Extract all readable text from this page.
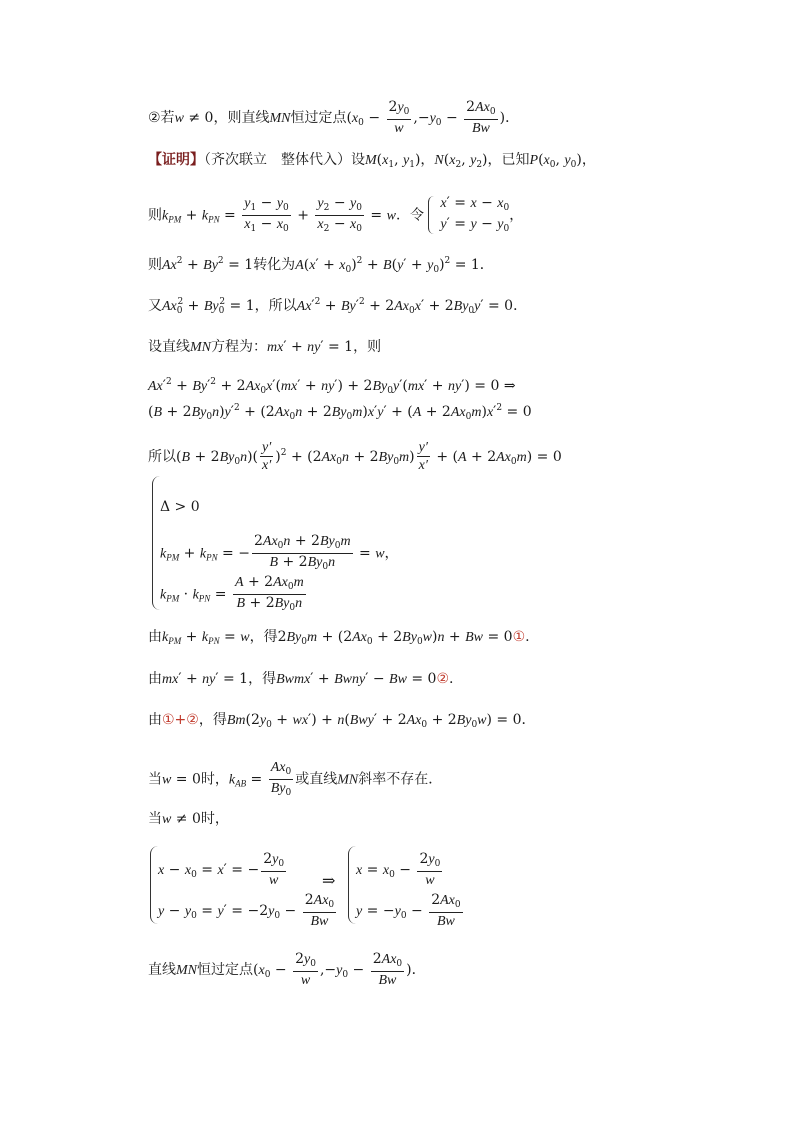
②若w ≠ 0，则直线MN恒过定点($x_0 - \frac{2y_0}{w} ,-y_0 - \frac{2Ax_0}{Bw}$ )．
【证明】（齐次联立　整体代入）设$M(x_1$, $y_1$)，$N(x_2$, $y_2$)，已知$P(x_0$, $y_0$)，
则$k_{PM} + k_{PN} = \frac{y_1 - y_0}{x_1 - x_0} + \frac{y_2 - y_0}{x_2 - x_0} = w$．令
$x' = x - x_0$
$y' = y - y_0$
，
则$Ax^2 + By^2 = 1$转化为$A(x' + x_0)^2 + B(y' + y_0)^2 = 1$．
又$Ax_0^2 + By_0^2 = 1$，所以$Ax'^2 + By'^2 + 2Ax_0x' + 2By_0y' = 0$．
设直线MN方程为：mx′ + ny′ = 1，则
$Ax'^2 + By'^2 + 2Ax_0x'(mx' + ny') + 2By_0y'(mx' + ny') = 0$ ⇒
$(B + 2By_0n)y'^2 + (2Ax_0n + 2By_0m)x'y' + (A + 2Ax_0m)x'^2 = 0$
所以$(B + 2By_0n)( \frac{y'}{x'} )^2 + (2Ax_0n + 2By_0m) \frac{y'}{x'} + (A + 2Ax_0m) = 0$
Δ > 0
$k_{PM} + k_{PN}$ = − $\frac{2Ax_0n + 2By_0m}{B + 2By_0n} = w$，
$k_{PM} \cdot k_{PN} = \frac{A + 2Ax_0m}{B + 2By_0n}$
由$k_{PM} + k_{PN} = w$，得$2By_0m + (2Ax_0 + 2By_0w)n + Bw$ = 0①.
由mx′ + ny′ = 1，得Bwmx′ + Bwny′ − Bw = 0②.
由①+②，得$Bm(2y_0 + wx') + n(Bwy' + 2Ax_0 + 2By_0w) = 0$．
当w = 0时，$k_{AB} = \frac{Ax_0}{By_0}$ 或直线MN斜率不存在．
当w ≠ 0时，
$x - x_0 = x'$ = − $\frac{2y_0}{w}$
$y - y_0 = y' = -2y_0 - \frac{2Ax_0}{Bw}$
⇒
$x = x_0 - \frac{2y_0}{w}$
$y = -y_0 - \frac{2Ax_0}{Bw}$
直线MN恒过定点($x_0 - \frac{2y_0}{w} ,-y_0 - \frac{2Ax_0}{Bw}$ )．
